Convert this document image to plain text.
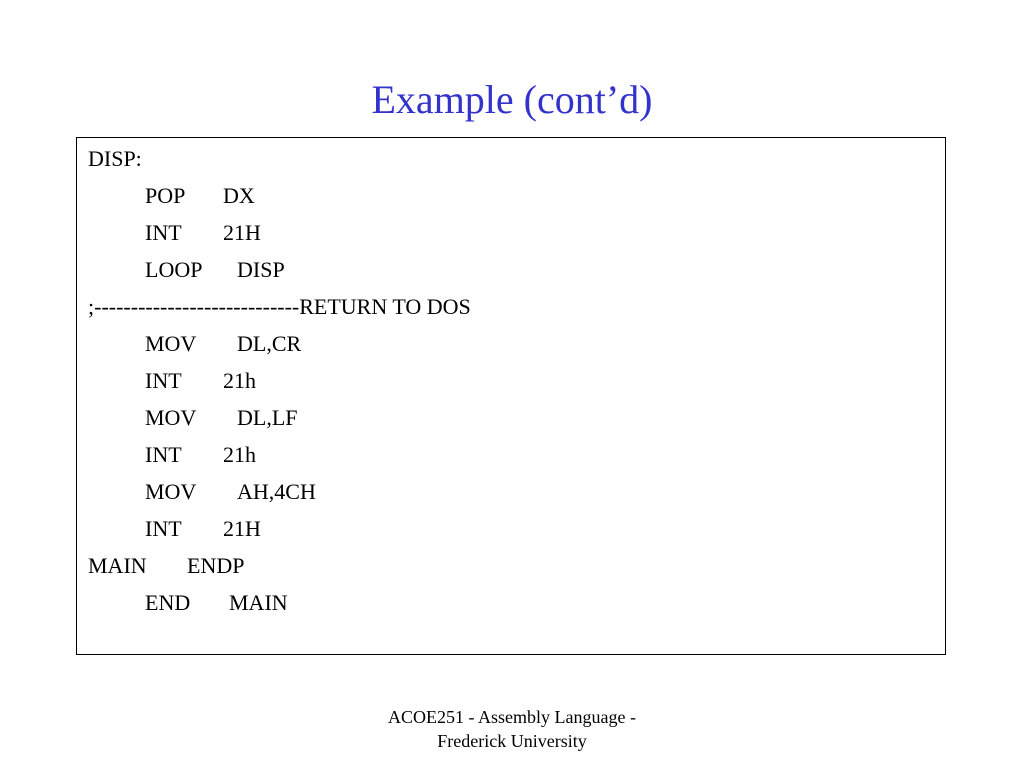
Example (cont’d)
DISP:
POP DX
INT 21H
LOOP DISP
;----------------------------RETURN TO DOS
MOV DL,CR
INT 21h
MOV DL,LF
INT 21h
MOV AH,4CH
INT 21H
MAIN ENDP
END MAIN
ACOE251 - Assembly Language -
Frederick University
